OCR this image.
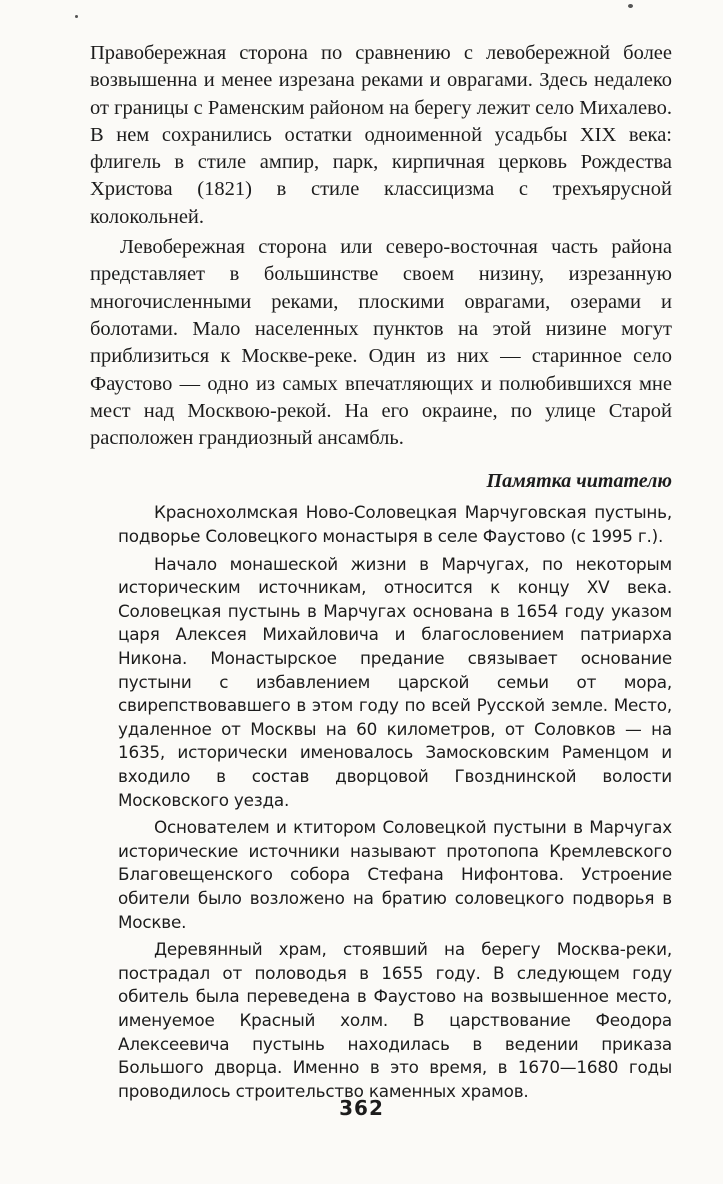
Правобережная сторона по сравнению с левобережной более возвышенна и менее изрезана реками и оврагами. Здесь недалеко от границы с Раменским районом на берегу лежит село Михалево. В нем сохранились остатки одноименной усадьбы XIX века: флигель в стиле ампир, парк, кирпичная церковь Рождества Христова (1821) в стиле классицизма с трехъярусной колокольней.

Левобережная сторона или северо-восточная часть района представляет в большинстве своем низину, изрезанную многочисленными реками, плоскими оврагами, озерами и болотами. Мало населенных пунктов на этой низине могут приблизиться к Москве-реке. Один из них — старинное село Фаустово — одно из самых впечатляющих и полюбившихся мне мест над Москвою-рекой. На его окраине, по улице Старой расположен грандиозный ансамбль.

Памятка читателю

Краснохолмская Ново-Соловецкая Марчуговская пустынь, подворье Соловецкого монастыря в селе Фаустово (с 1995 г.).

Начало монашеской жизни в Марчугах, по некоторым историческим источникам, относится к концу XV века. Соловецкая пустынь в Марчугах основана в 1654 году указом царя Алексея Михайловича и благословением патриарха Никона. Монастырское предание связывает основание пустыни с избавлением царской семьи от мора, свирепствовавшего в этом году по всей Русской земле. Место, удаленное от Москвы на 60 километров, от Соловков — на 1635, исторически именовалось Замосковским Раменцом и входило в состав дворцовой Гвозднинской волости Московского уезда.

Основателем и ктитором Соловецкой пустыни в Марчугах исторические источники называют протопопа Кремлевского Благовещенского собора Стефана Нифонтова. Устроение обители было возложено на братию соловецкого подворья в Москве.

Деревянный храм, стоявший на берегу Москва-реки, пострадал от половодья в 1655 году. В следующем году обитель была переведена в Фаустово на возвышенное место, именуемое Красный холм. В царствование Феодора Алексеевича пустынь находилась в ведении приказа Большого дворца. Именно в это время, в 1670—1680 годы проводилось строительство каменных храмов.

362
